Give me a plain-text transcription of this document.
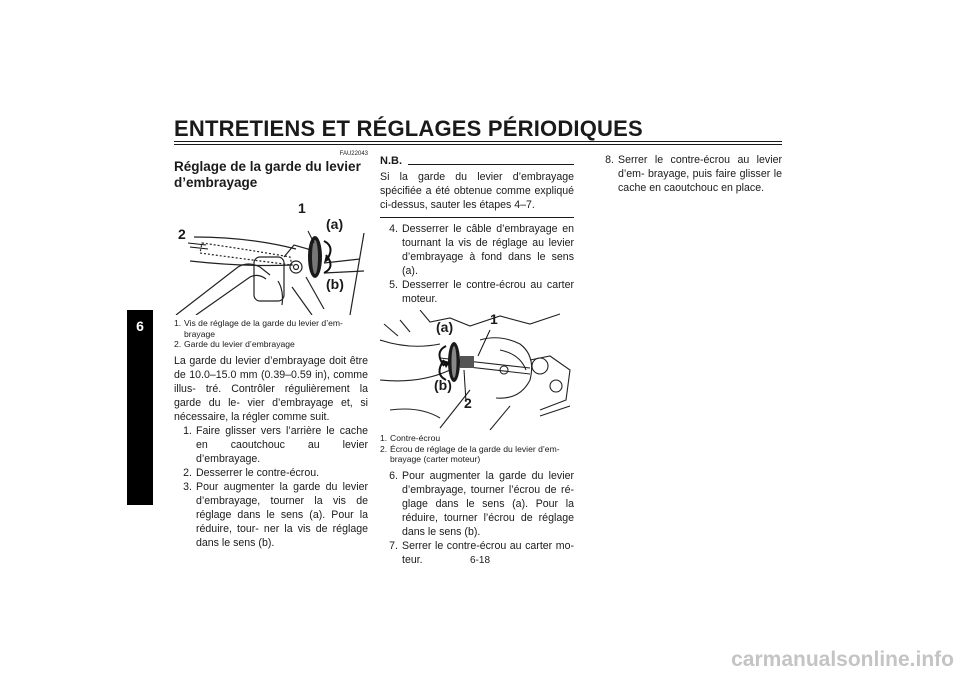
ENTRETIENS ET RÉGLAGES PÉRIODIQUES
6
FAU22043
Réglage de la garde du levier d’embrayage
1
2
(a)
(b)
1. Vis de réglage de la garde du levier d’em- brayage
2. Garde du levier d’embrayage

La garde du levier d’embrayage doit être de 10.0–15.0 mm (0.39–0.59 in), comme illus- tré. Contrôler régulièrement la garde du le- vier d’embrayage et, si nécessaire, la régler comme suit.

1. Faire glisser vers l’arrière le cache en caoutchouc au levier d’embrayage.
2. Desserrer le contre-écrou.
3. Pour augmenter la garde du levier d’embrayage, tourner la vis de réglage dans le sens (a). Pour la réduire, tour- ner la vis de réglage dans le sens (b).
N.B.

Si la garde du levier d’embrayage spécifiée a été obtenue comme expliqué ci-dessus, sauter les étapes 4–7.

4. Desserrer le câble d’embrayage en tournant la vis de réglage au levier d’embrayage à fond dans le sens (a).
5. Desserrer le contre-écrou au carter moteur.
(a)	1
(b)
2
1. Contre-écrou
2. Écrou de réglage de la garde du levier d’em- brayage (carter moteur)
6. Pour augmenter la garde du levier d’embrayage, tourner l’écrou de ré- glage dans le sens (a). Pour la réduire, tourner l’écrou de réglage dans le sens (b).
7. Serrer le contre-écrou au carter mo- teur.
8. Serrer le contre-écrou au levier d’em- brayage, puis faire glisser le cache en caoutchouc en place.
6-18
carmanualsonline.info
